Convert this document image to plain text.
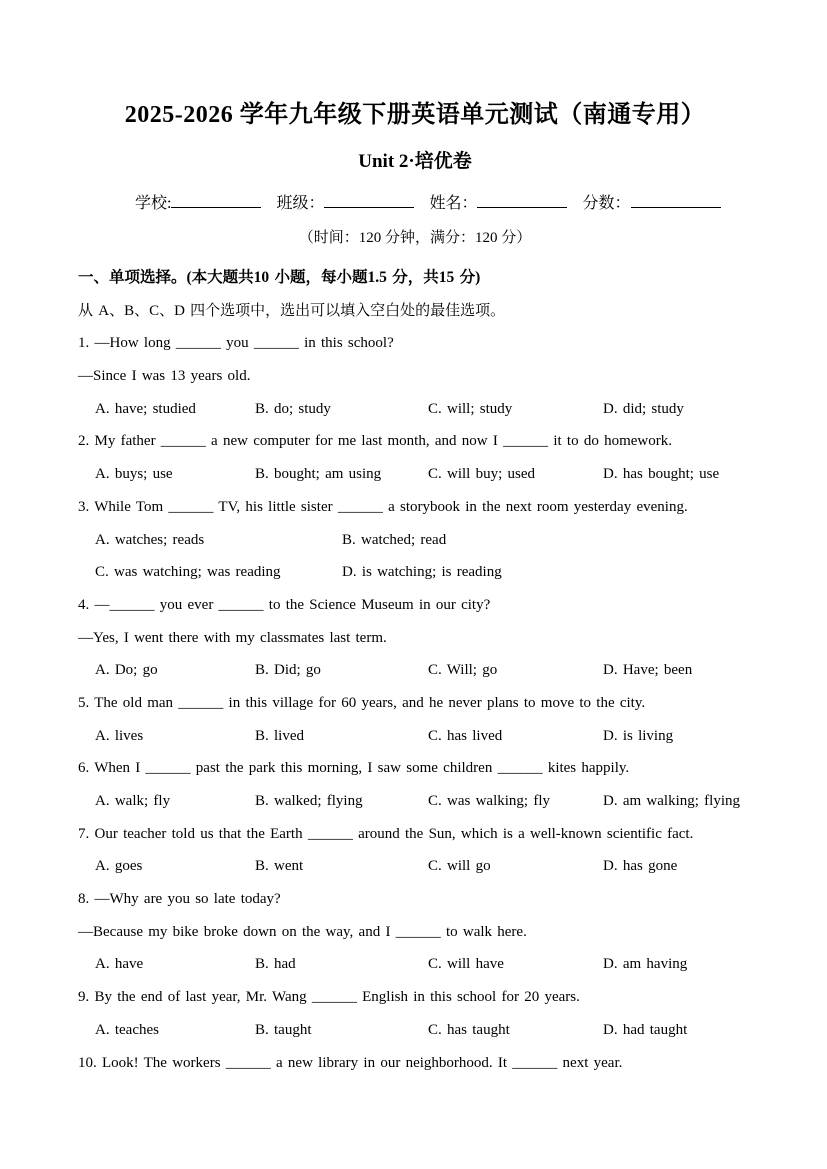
2025-2026 学年九年级下册英语单元测试（南通专用）
Unit 2·培优卷
学校:	班级：	姓名：	分数：
（时间：120 分钟，满分：120 分）
一、单项选择。(本大题共10 小题，每小题1.5 分，共15 分)
从 A、B、C、D 四个选项中，选出可以填入空白处的最佳选项。
1. —How long ______ you ______ in this school?
—Since I was 13 years old.
A. have; studied	B. do; study	C. will; study	D. did; study
2. My father ______ a new computer for me last month, and now I ______ it to do homework.
A. buys; use	B. bought; am using	C. will buy; used	D. has bought; use
3. While Tom ______ TV, his little sister ______ a storybook in the next room yesterday evening.
A. watches; reads	B. watched; read
C. was watching; was reading	D. is watching; is reading
4. —______ you ever ______ to the Science Museum in our city?
—Yes, I went there with my classmates last term.
A. Do; go	B. Did; go	C. Will; go	D. Have; been
5. The old man ______ in this village for 60 years, and he never plans to move to the city.
A. lives	B. lived	C. has lived	D. is living
6. When I ______ past the park this morning, I saw some children ______ kites happily.
A. walk; fly	B. walked; flying	C. was walking; fly	D. am walking; flying
7. Our teacher told us that the Earth ______ around the Sun, which is a well-known scientific fact.
A. goes	B. went	C. will go	D. has gone
8. —Why are you so late today?
—Because my bike broke down on the way, and I ______ to walk here.
A. have	B. had	C. will have	D. am having
9. By the end of last year, Mr. Wang ______ English in this school for 20 years.
A. teaches	B. taught	C. has taught	D. had taught
10. Look! The workers ______ a new library in our neighborhood. It ______ next year.
